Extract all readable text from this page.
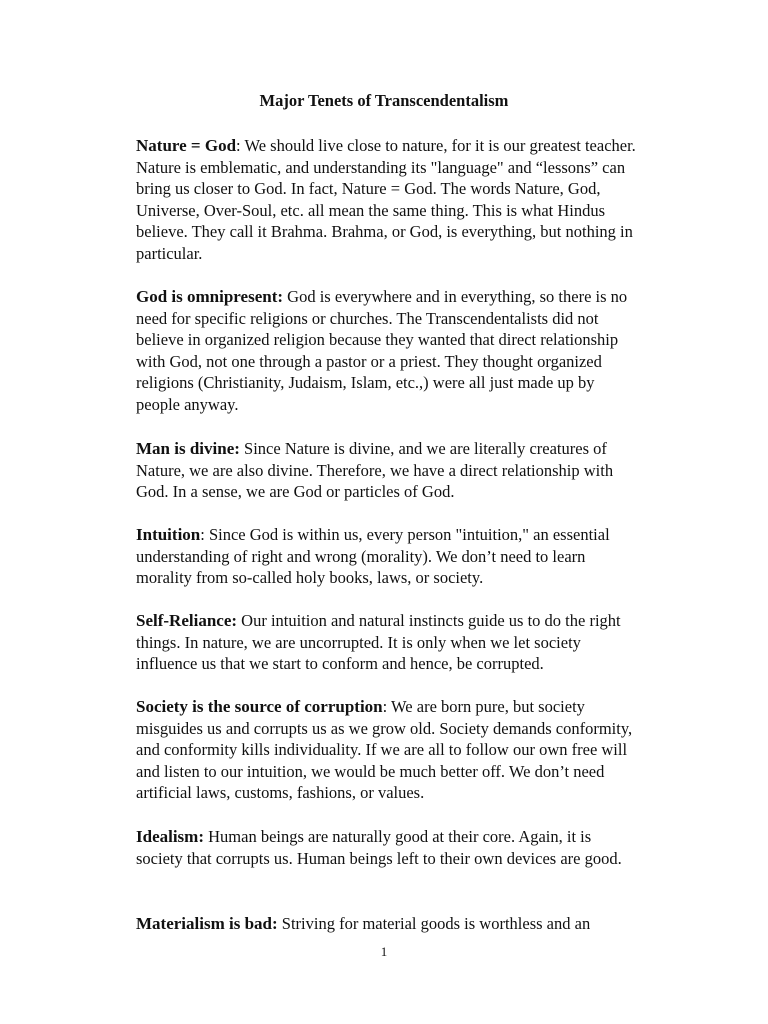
Major Tenets of Transcendentalism
Nature = God: We should live close to nature, for it is our greatest teacher. Nature is emblematic, and understanding its "language" and “lessons” can bring us closer to God. In fact, Nature = God. The words Nature, God, Universe, Over-Soul, etc. all mean the same thing. This is what Hindus believe. They call it Brahma. Brahma, or God, is everything, but nothing in particular.
God is omnipresent: God is everywhere and in everything, so there is no need for specific religions or churches. The Transcendentalists did not believe in organized religion because they wanted that direct relationship with God, not one through a pastor or a priest. They thought organized religions (Christianity, Judaism, Islam, etc.,) were all just made up by people anyway.
Man is divine: Since Nature is divine, and we are literally creatures of Nature, we are also divine. Therefore, we have a direct relationship with God. In a sense, we are God or particles of God.
Intuition: Since God is within us, every person "intuition," an essential understanding of right and wrong (morality). We don’t need to learn morality from so-called holy books, laws, or society.
Self-Reliance: Our intuition and natural instincts guide us to do the right things. In nature, we are uncorrupted. It is only when we let society influence us that we start to conform and hence, be corrupted.
Society is the source of corruption: We are born pure, but society misguides us and corrupts us as we grow old. Society demands conformity, and conformity kills individuality. If we are all to follow our own free will and listen to our intuition, we would be much better off. We don’t need artificial laws, customs, fashions, or values.
Idealism: Human beings are naturally good at their core. Again, it is society that corrupts us. Human beings left to their own devices are good.
Materialism is bad: Striving for material goods is worthless and an
1
